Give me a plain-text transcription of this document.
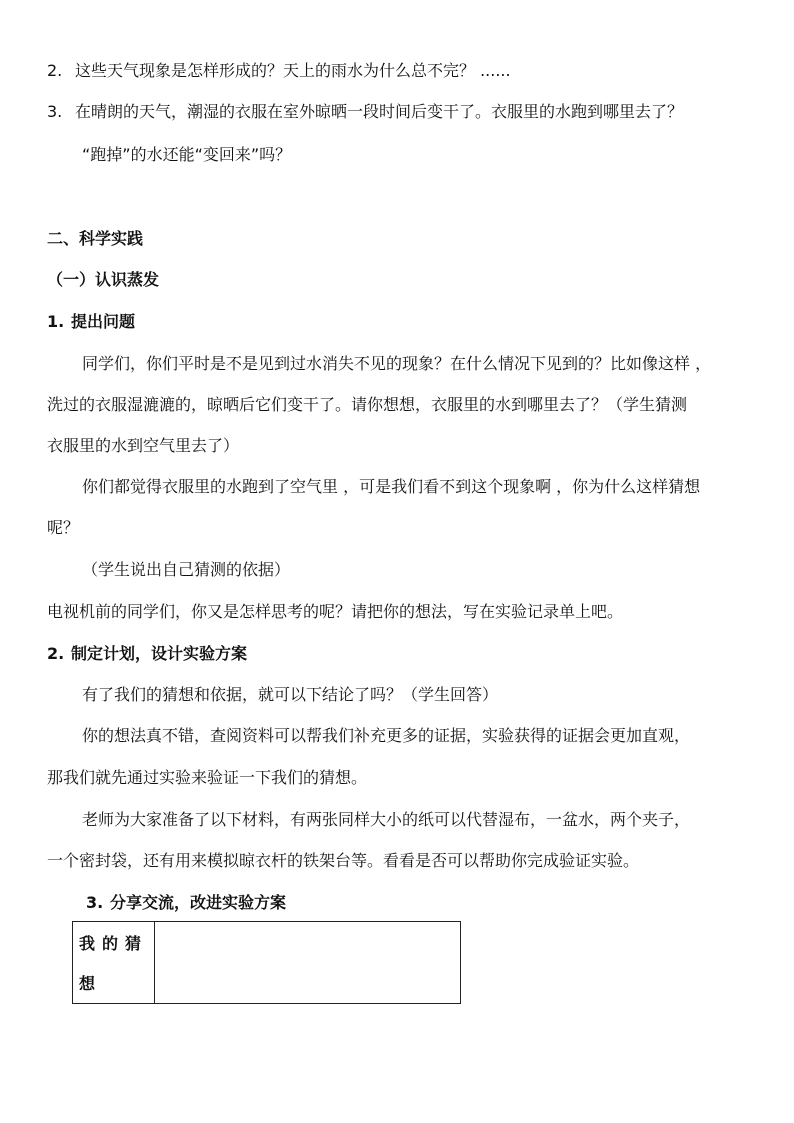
2. 这些天气现象是怎样形成的？天上的雨水为什么总不完？ ......
3. 在晴朗的天气，潮湿的衣服在室外晾晒一段时间后变干了。衣服里的水跑到哪里去了？
“跑掉”的水还能“变回来”吗？
二、科学实践
（一）认识蒸发
1. 提出问题
同学们，你们平时是不是见到过水消失不见的现象？在什么情况下见到的？比如像这样 ，
洗过的衣服湿漉漉的，晾晒后它们变干了。请你想想，衣服里的水到哪里去了？（学生猜测
衣服里的水到空气里去了）
你们都觉得衣服里的水跑到了空气里 ，可是我们看不到这个现象啊 ，你为什么这样猜想
呢？
（学生说出自己猜测的依据）
电视机前的同学们，你又是怎样思考的呢？请把你的想法，写在实验记录单上吧。
2. 制定计划，设计实验方案
有了我们的猜想和依据，就可以下结论了吗？（学生回答）
你的想法真不错，查阅资料可以帮我们补充更多的证据，实验获得的证据会更加直观，
那我们就先通过实验来验证一下我们的猜想。
老师为大家准备了以下材料，有两张同样大小的纸可以代替湿布，一盆水，两个夹子，
一个密封袋，还有用来模拟晾衣杆的铁架台等。看看是否可以帮助你完成验证实验。
3. 分享交流，改进实验方案
我的猜想
